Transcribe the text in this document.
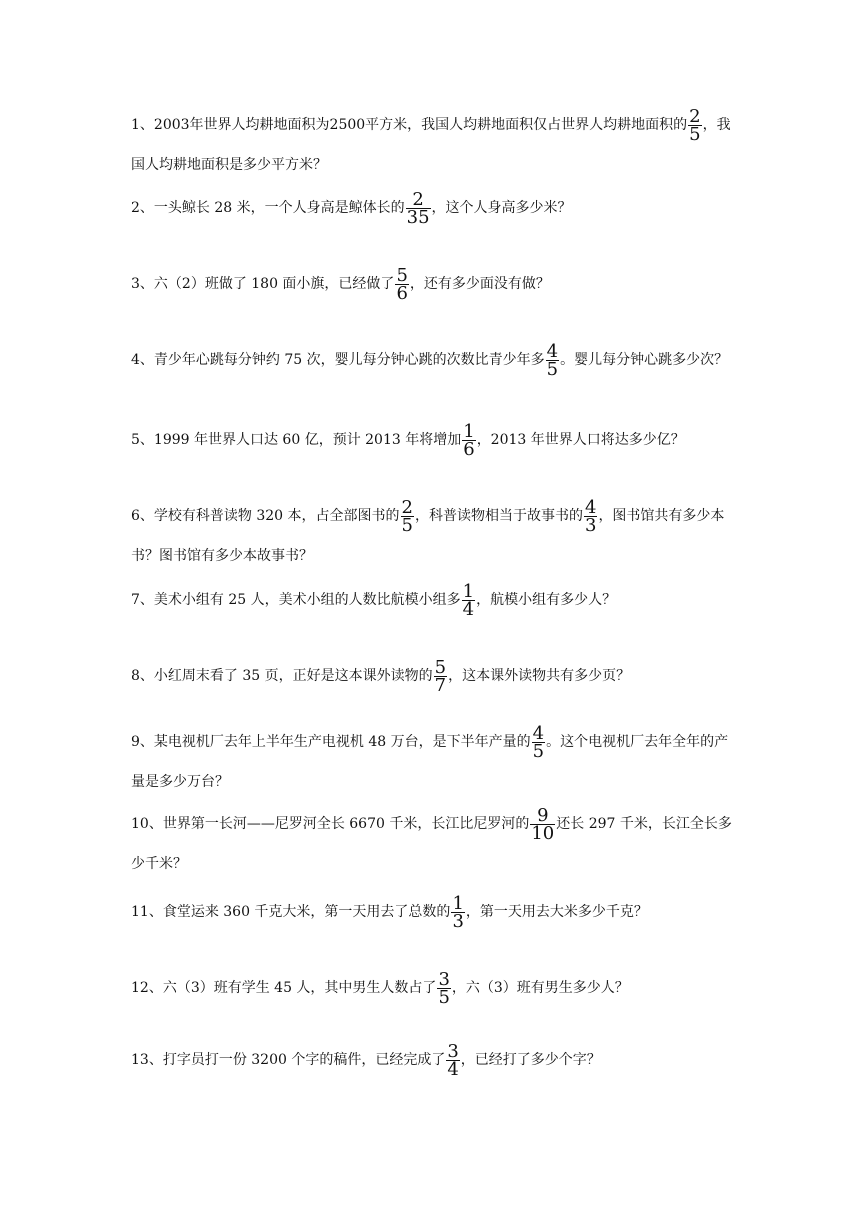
1、2003年世界人均耕地面积为2500平方米，我国人均耕地面积仅占世界人均耕地面积的 $\frac{2}{5}$ ，我国人均耕地面积是多少平方米？
2、一头鲸长 28 米，一个人身高是鲸体长的 $\frac{2}{35}$ ，这个人身高多少米？
3、六（2）班做了 180 面小旗，已经做了 $\frac{5}{6}$ ，还有多少面没有做？
4、青少年心跳每分钟约 75 次，婴儿每分钟心跳的次数比青少年多 $\frac{4}{5}$ 。婴儿每分钟心跳多少次？
5、1999 年世界人口达 60 亿，预计 2013 年将增加 $\frac{1}{6}$ ，2013 年世界人口将达多少亿？
6、学校有科普读物 320 本，占全部图书的 $\frac{2}{5}$ ，科普读物相当于故事书的 $\frac{4}{3}$ ，图书馆共有多少本书？图书馆有多少本故事书？
7、美术小组有 25 人，美术小组的人数比航模小组多 $\frac{1}{4}$ ，航模小组有多少人？
8、小红周末看了 35 页，正好是这本课外读物的 $\frac{5}{7}$ ，这本课外读物共有多少页？
9、某电视机厂去年上半年生产电视机 48 万台，是下半年产量的 $\frac{4}{5}$ 。这个电视机厂去年全年的产量是多少万台？
10、世界第一长河——尼罗河全长 6670 千米，长江比尼罗河的 $\frac{9}{10}$ 还长 297 千米，长江全长多少千米？
11、食堂运来 360 千克大米，第一天用去了总数的 $\frac{1}{3}$ ，第一天用去大米多少千克？
12、六（3）班有学生 45 人，其中男生人数占了 $\frac{3}{5}$ ，六（3）班有男生多少人？
13、打字员打一份 3200 个字的稿件，已经完成了 $\frac{3}{4}$ ，已经打了多少个字？
